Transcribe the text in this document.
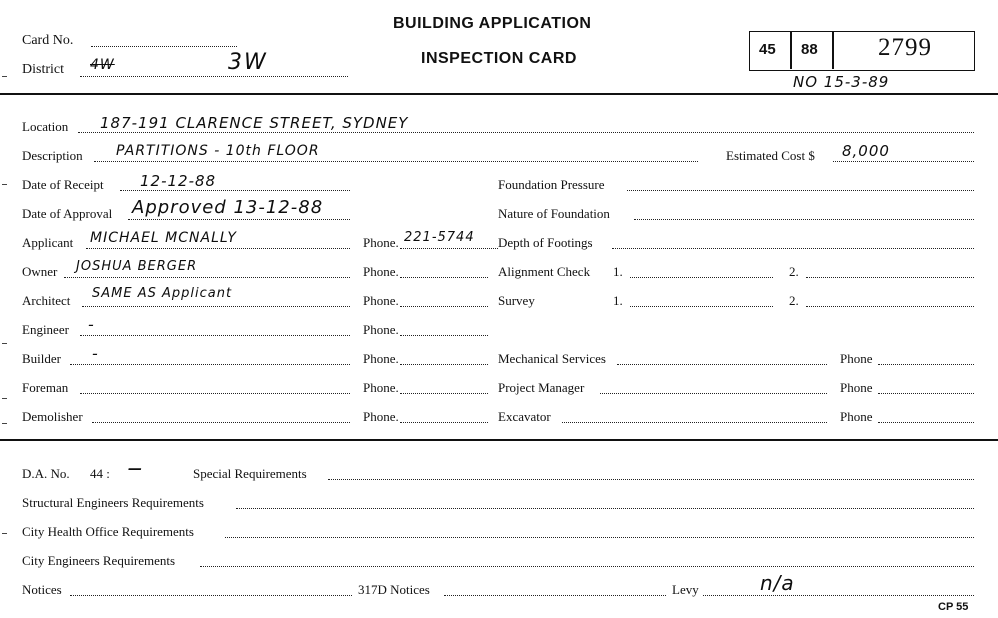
Card No.
District 4W	3W
BUILDING APPLICATION
INSPECTION CARD
45 88 2799
NO 15-3-89
Location 187-191 CLARENCE STREET, SYDNEY
Description PARTITIONS - 10th FLOOR	Estimated Cost $ 8,000
Date of Receipt 12-12-88	Foundation Pressure
Date of Approval Approved 13-12-88	Nature of Foundation
Applicant MICHAEL MCNALLY	Phone. 221-5744 Depth of Footings
Owner JOSHUA BERGER	Phone.	Alignment Check 1.	2.
Architect SAME AS Applicant	Phone.	Survey	1.	2.
Engineer -	Phone.
Builder -	Phone.	Mechanical Services	Phone
Foreman	Phone.	Project Manager	Phone
Demolisher	Phone.	Excavator	Phone
D.A. No. 44 : —	Special Requirements
Structural Engineers Requirements
City Health Office Requirements
City Engineers Requirements
Notices	317D Notices	Levy	n/a
CP 55
